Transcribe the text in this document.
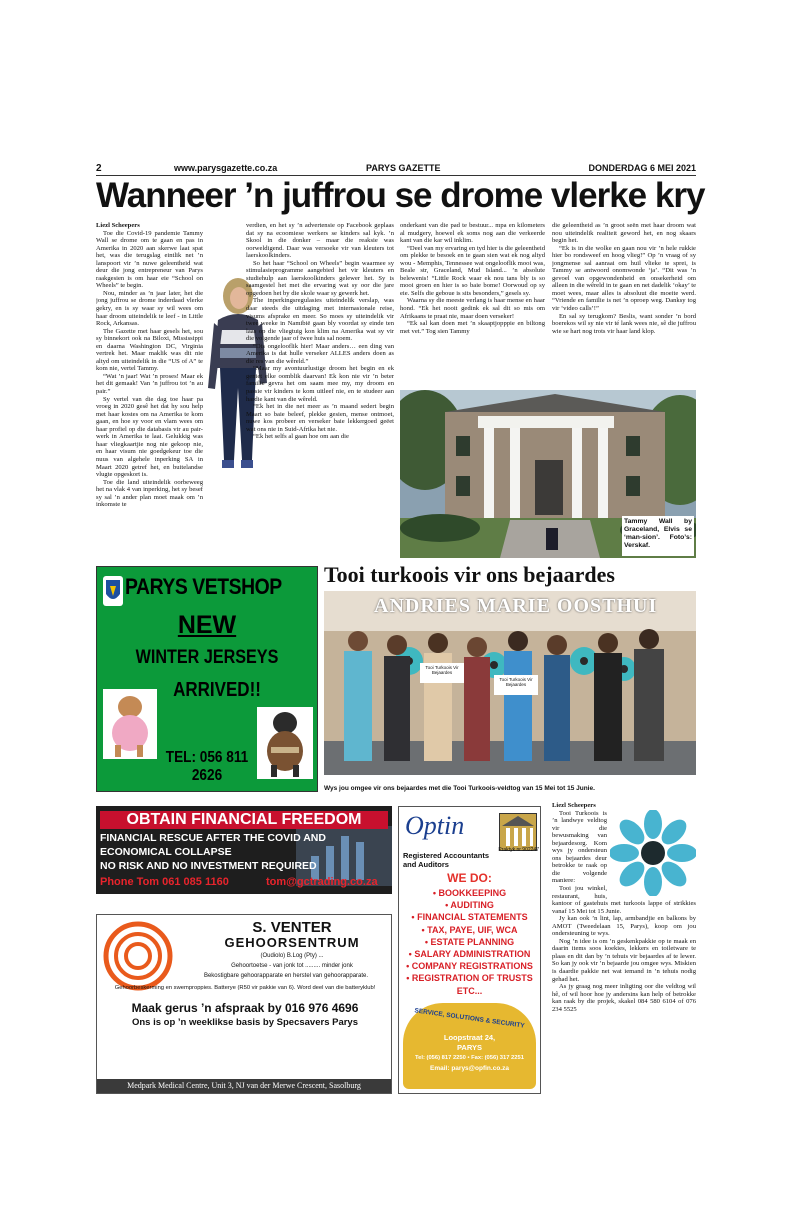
2	www.parysgazette.co.za	PARYS GAZETTE	DONDERDAG 6 MEI 2021
Wanneer ’n juffrou se drome vlerke kry

Liezl Scheepers

Toe die Covid-19 pandemie Tammy Wall se drome om te gaan en pas in Amerika in 2020 aan skerwe laat spat het, was die terugslag eintlik net ’n lanspoort vir ’n nuwe geleentheid wat deur die jong entrepreneur van Parys raakgesien is om haar eie “School on Wheels” te begin.

Nou, minder as ’n jaar later, het die jong juffrou se drome inderdaad vlerke gekry, en is sy waar sy wil wees om haar droom uiteindelik te leef - in Little Rock, Arkansas.

The Gazette met haar gesels het, sou sy binnekort ook na Biloxi, Mississippi en daarna Washington DC, Virginia vertrek het. Maar maklik was dit nie altyd om uiteindelik in die “US of A” te kom nie, vertel Tammy.

“Wat ’n jaar! Wat ’n proses! Maar ek het dit gemaak! Van ’n juffrou tot ’n au pair.”

Sy vertel van die dag toe haar pa vroeg in 2020 gesê het dat hy sou help met haar kostes om na Amerika te kom gaan, en hoe sy voor en vlam wees om haar profiel op die databasis vir au pair-werk in Amerika te laai. Gelukkig was haar vliegkaartjie nog nie gekoop nie, en haar visum nie goedgekeur toe die nuus van algehele inperking SA in Maart 2020 getref het, en buitelandse vlugte opgeskort is.

Toe die land uiteindelik oorbeweeg het na vlak 4 van inperking, het sy besef sy sal ’n ander plan moet maak om ’n inkomste te

verdien, en het sy ’n advertensie op Facebook geplaas dat sy na ecoomiese werkers se kinders sal kyk. ’n Skool in die donker – maar die reaksie was oorweldigend. Daar was versoeke vir van kleuters tot laerskoolkinders.

So het haar “School on Wheels” begin waarmee sy stimulasieprogramme aangebied het vir kleuters en studiehulp aan laerskoolkinders gelewer het. Sy is saamgestel het met die ervaring wat sy oor die jare opgedoen het by die skole waar sy gewerk het.

The inperkingsregulasies uiteindelik verslap, was daar steeds die uitdaging met internasionale reise, visums afsprake en meer. So moes sy uiteindelik vir twee weeke in Namibië gaan bly voordat sy einde ten laas op die vliegtuig kon klim na Amerika wat sy vir die volgende jaar of twee huis sal noem.

“Dis ongelooflik hier! Maar anders… een ding van Amerika is dat hulle verseker ALLES anders doen as die res van die wêreld.”

“Maar my avontuurlustige droom het begin en ek geniet elke oomblik daarvan! Ek kon nie vir ’n beter familie gevra het om saam mee my, my droom en passie vir kinders te kom uitleef nie, en te studeer aan hardie kant van die wêreld.

“Ek het in die net meer as ’n maand sedert begin Maart so baie beleef, plekke gesien, mense ontmoet, nuwe kos probeer en verseker baie lekkergoed geëet wat ons nie in Suid-Afrika het nie.

“Ek het selfs al gaan hoe om aan die

onderkant van die pad te bestuur... mpa en kilometers al mudgery, hoewel ek soms nog aan die verkeerde kant van die kar wil inklim.

“Deel van my ervaring en tyd hier is die geleentheid om plekke te besoek en te gaan sien wat ek nog altyd wou - Memphis, Tennessee wat ongelooflik mooi was, Beale str, Graceland, Mud Island... ’n absolute belewenis! “Little Rock waar ek nou tans bly is so mooi groen en hier is so baie bome! Oorwoud op sy eie. Selfs die geboue is sits besonders,” gesels sy.

Waarna sy die meeste verlang is haar mense en haar hond. “Ek het nooit gedink ek sal dit so mis om Afrikaans te praat nie, maar doen verseker!

“Ek sal kan doen met ’n skaaptjopppie en biltong met vet.” Tog sien Tammy

die geleentheid as ’n groot seën met haar droom wat nou uiteindelik realiteit geword het, en nog skaars begin het.

“Ek is in die wolke en gaan nou vir ’n hele rukkie hier bo rondsweef en hoog vlieg!” Op ’n vraag of sy jongmense sal aanraai om huil vlieke te sprei, is Tammy se antwoord onomwonde ‘ja’. “Dit was ’n gevoel van opgewondenheid en onsekerheid om alleen in die wêreld in te gaan en net dadelik ‘okay’ te moet wees, maar alles is absoluut die moeite werd. “Vriende en familie is net ’n oproep weg. Danksy tog vir ‘video calls’!”

En sal sy terugkom? Beslis, want sonder ’n bord boerekos wil sy nie vir té lank wees nie, sê die juffrou wie se hart nog trots vir haar land klop.

Tammy Wall by Graceland, Elvis se ‘man-sion’. Foto’s: Verskaf.
PARYS VETSHOP
NEW
WINTER JERSEYS
ARRIVED!!
TEL: 056 811 2626
Tooi turkoois vir ons bejaardes
ANDRIES MARIE OOSTHUI
Tooi Turkoois Vir Bejaardes
Tooi Turkoois Vir Bejaardes
Wys jou omgee vir ons bejaardes met die Tooi Turkoois-veldtog van 15 Mei tot 15 Junie.

Liezl Scheepers

Tooi Turkoois is ’n landwye veldtog vir die bewusmaking van bejaardesorg. Kom wys jy ondersteun ons bejaardes deur betrokke te raak op die volgende maniere:

Tooi jou winkel, restaurant, huis, kantoor of gastehuis met turkoois lappe of strikkies vanaf 15 Mei tot 15 Junie.

Jy kan ook ’n lint, lap, armbandjie en balkons by AMOT (Tweedelaan 15, Parys), koop om jou ondersteuning te wys.

Nog ’n idee is om ’n geskenkpakkie op te maak en daarin items soos koekies, lekkers en toiletware te plaas en dit dan by ’n tehuis vir bejaardes af te lewer. So kan jy ook vir ’n bejaarde jou omgee wys. Miskien is daardie pakkie net wat iemand in ’n tehuis nodig gehad het.

As jy graag nog meer inligting oor die veldtog wil hê, of wil hoor hoe jy andersins kan help of betrokke kan raak by die projek, skakel 084 580 6104 of 076 234 5525

OBTAIN FINANCIAL FREEDOM
FINANCIAL RESCUE AFTER THE COVID AND
ECONOMICAL COLLAPSE
NO RISK AND NO INVESTMENT REQUIRED
Phone Tom 061 085 1160	tom@gctrading.co.za
S. VENTER
GEHOORSENTRUM
(Oudiolo) B.Log (Pty) ...
Gehoortoetse - van jonk tot ......... minder jonk
Bekostigbare gehoorapparate en herstel van gehoorapparate.
Gehoorbeskerming en swemproppies. Batterye (R50 vir pakkie van 6). Word deel van die batteryklub!
Maak gerus ’n afspraak by 016 976 4696
Ons is op ’n weeklikse basis by Specsavers Parys
Medpark Medical Centre, Unit 3, NJ van der Merwe Crescent, Sasolburg
Optin
Registered Accountants and Auditors
Praktyk nr 902247
WE DO:
• BOOKKEEPING
• AUDITING
• FINANCIAL STATEMENTS
• TAX, PAYE, UIF, WCA
• ESTATE PLANNING
• SALARY ADMINISTRATION
• COMPANY REGISTRATIONS
• REGISTRATION OF TRUSTS
ETC...
SERVICE, SOLUTIONS & SECURITY
Loopstraat 24,
PARYS
Tel: (056) 817 2250 • Fax: (056) 317 2251
Email: parys@opfin.co.za
